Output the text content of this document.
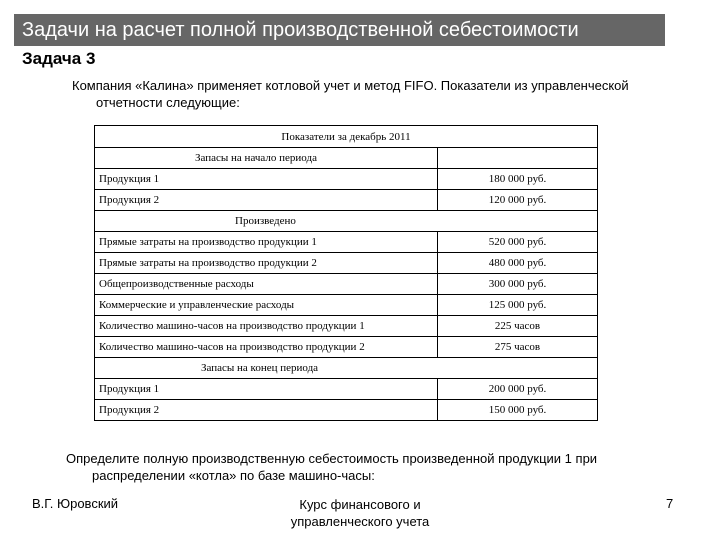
Задачи на расчет полной производственной себестоимости
Задача 3
Компания «Калина» применяет котловой учет и метод FIFO. Показатели из управленческой
отчетности следующие:
Показатели за декабрь 2011	
Запасы на начало периода	
Продукция 1	180 000 руб.
Продукция 2	120 000 руб.
Произведено	
Прямые затраты на производство продукции 1	520 000 руб.
Прямые затраты на производство продукции 2	480 000 руб.
Общепроизводственные расходы	300 000 руб.
Коммерческие и управленческие расходы	125 000 руб.
Количество машино-часов на производство продукции 1	225 часов
Количество машино-часов на производство продукции 2	275 часов
Запасы на конец периода	
Продукция 1	200 000 руб.
Продукция 2	150 000 руб.
Определите полную производственную себестоимость произведенной продукции 1 при
распределении «котла» по базе машино-часы:
В.Г. Юровский	Курс финансового и
управленческого учета
7
